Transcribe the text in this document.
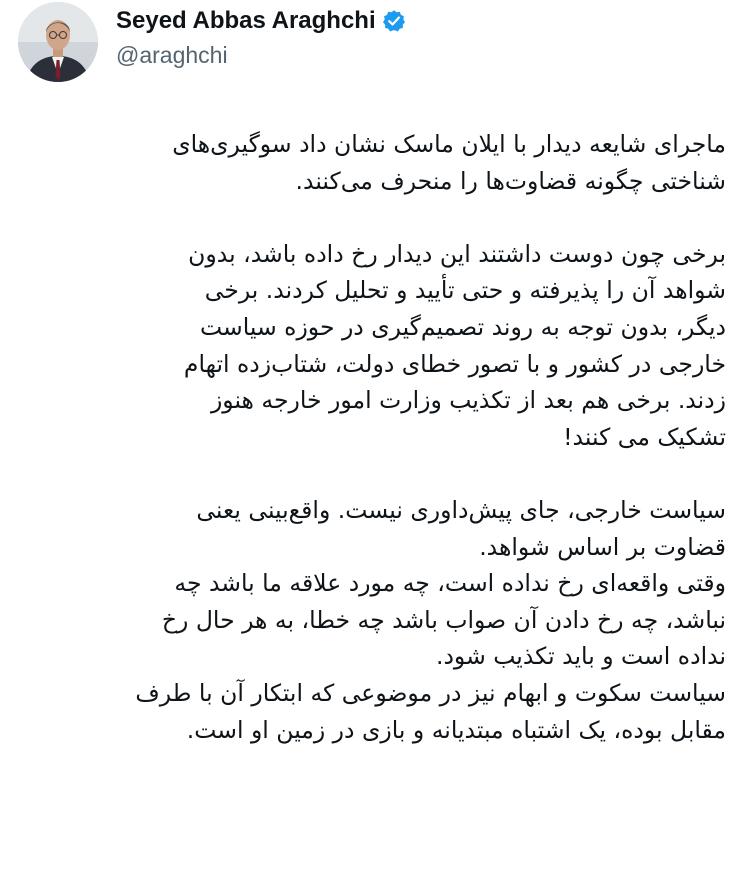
Seyed Abbas Araghchi
@araghchi
ماجرای شایعه دیدار با ایلان ماسک نشان داد سوگیری‌های
شناختی چگونه قضاوت‌ها را منحرف می‌کنند.
برخی چون دوست داشتند این دیدار رخ داده باشد، بدون
شواهد آن را پذیرفته و حتی تأیید و تحلیل کردند. برخی
دیگر، بدون توجه به روند تصمیم‌گیری در حوزه سیاست
خارجی در کشور و با تصور خطای دولت، شتاب‌زده اتهام
زدند. برخی هم بعد از تکذیب وزارت امور خارجه هنوز
تشکیک می کنند!
سیاست خارجی، جای پیش‌داوری نیست. واقع‌بینی یعنی
قضاوت بر اساس شواهد.
وقتی واقعه‌ای رخ نداده است، چه مورد علاقه ما باشد چه
نباشد، چه رخ دادن آن صواب باشد چه خطا، به هر حال رخ
نداده است و باید تکذیب شود.
سیاست سکوت و ابهام نیز در موضوعی که ابتکار آن با طرف
مقابل بوده، یک اشتباه مبتدیانه و بازی در زمین او است.
